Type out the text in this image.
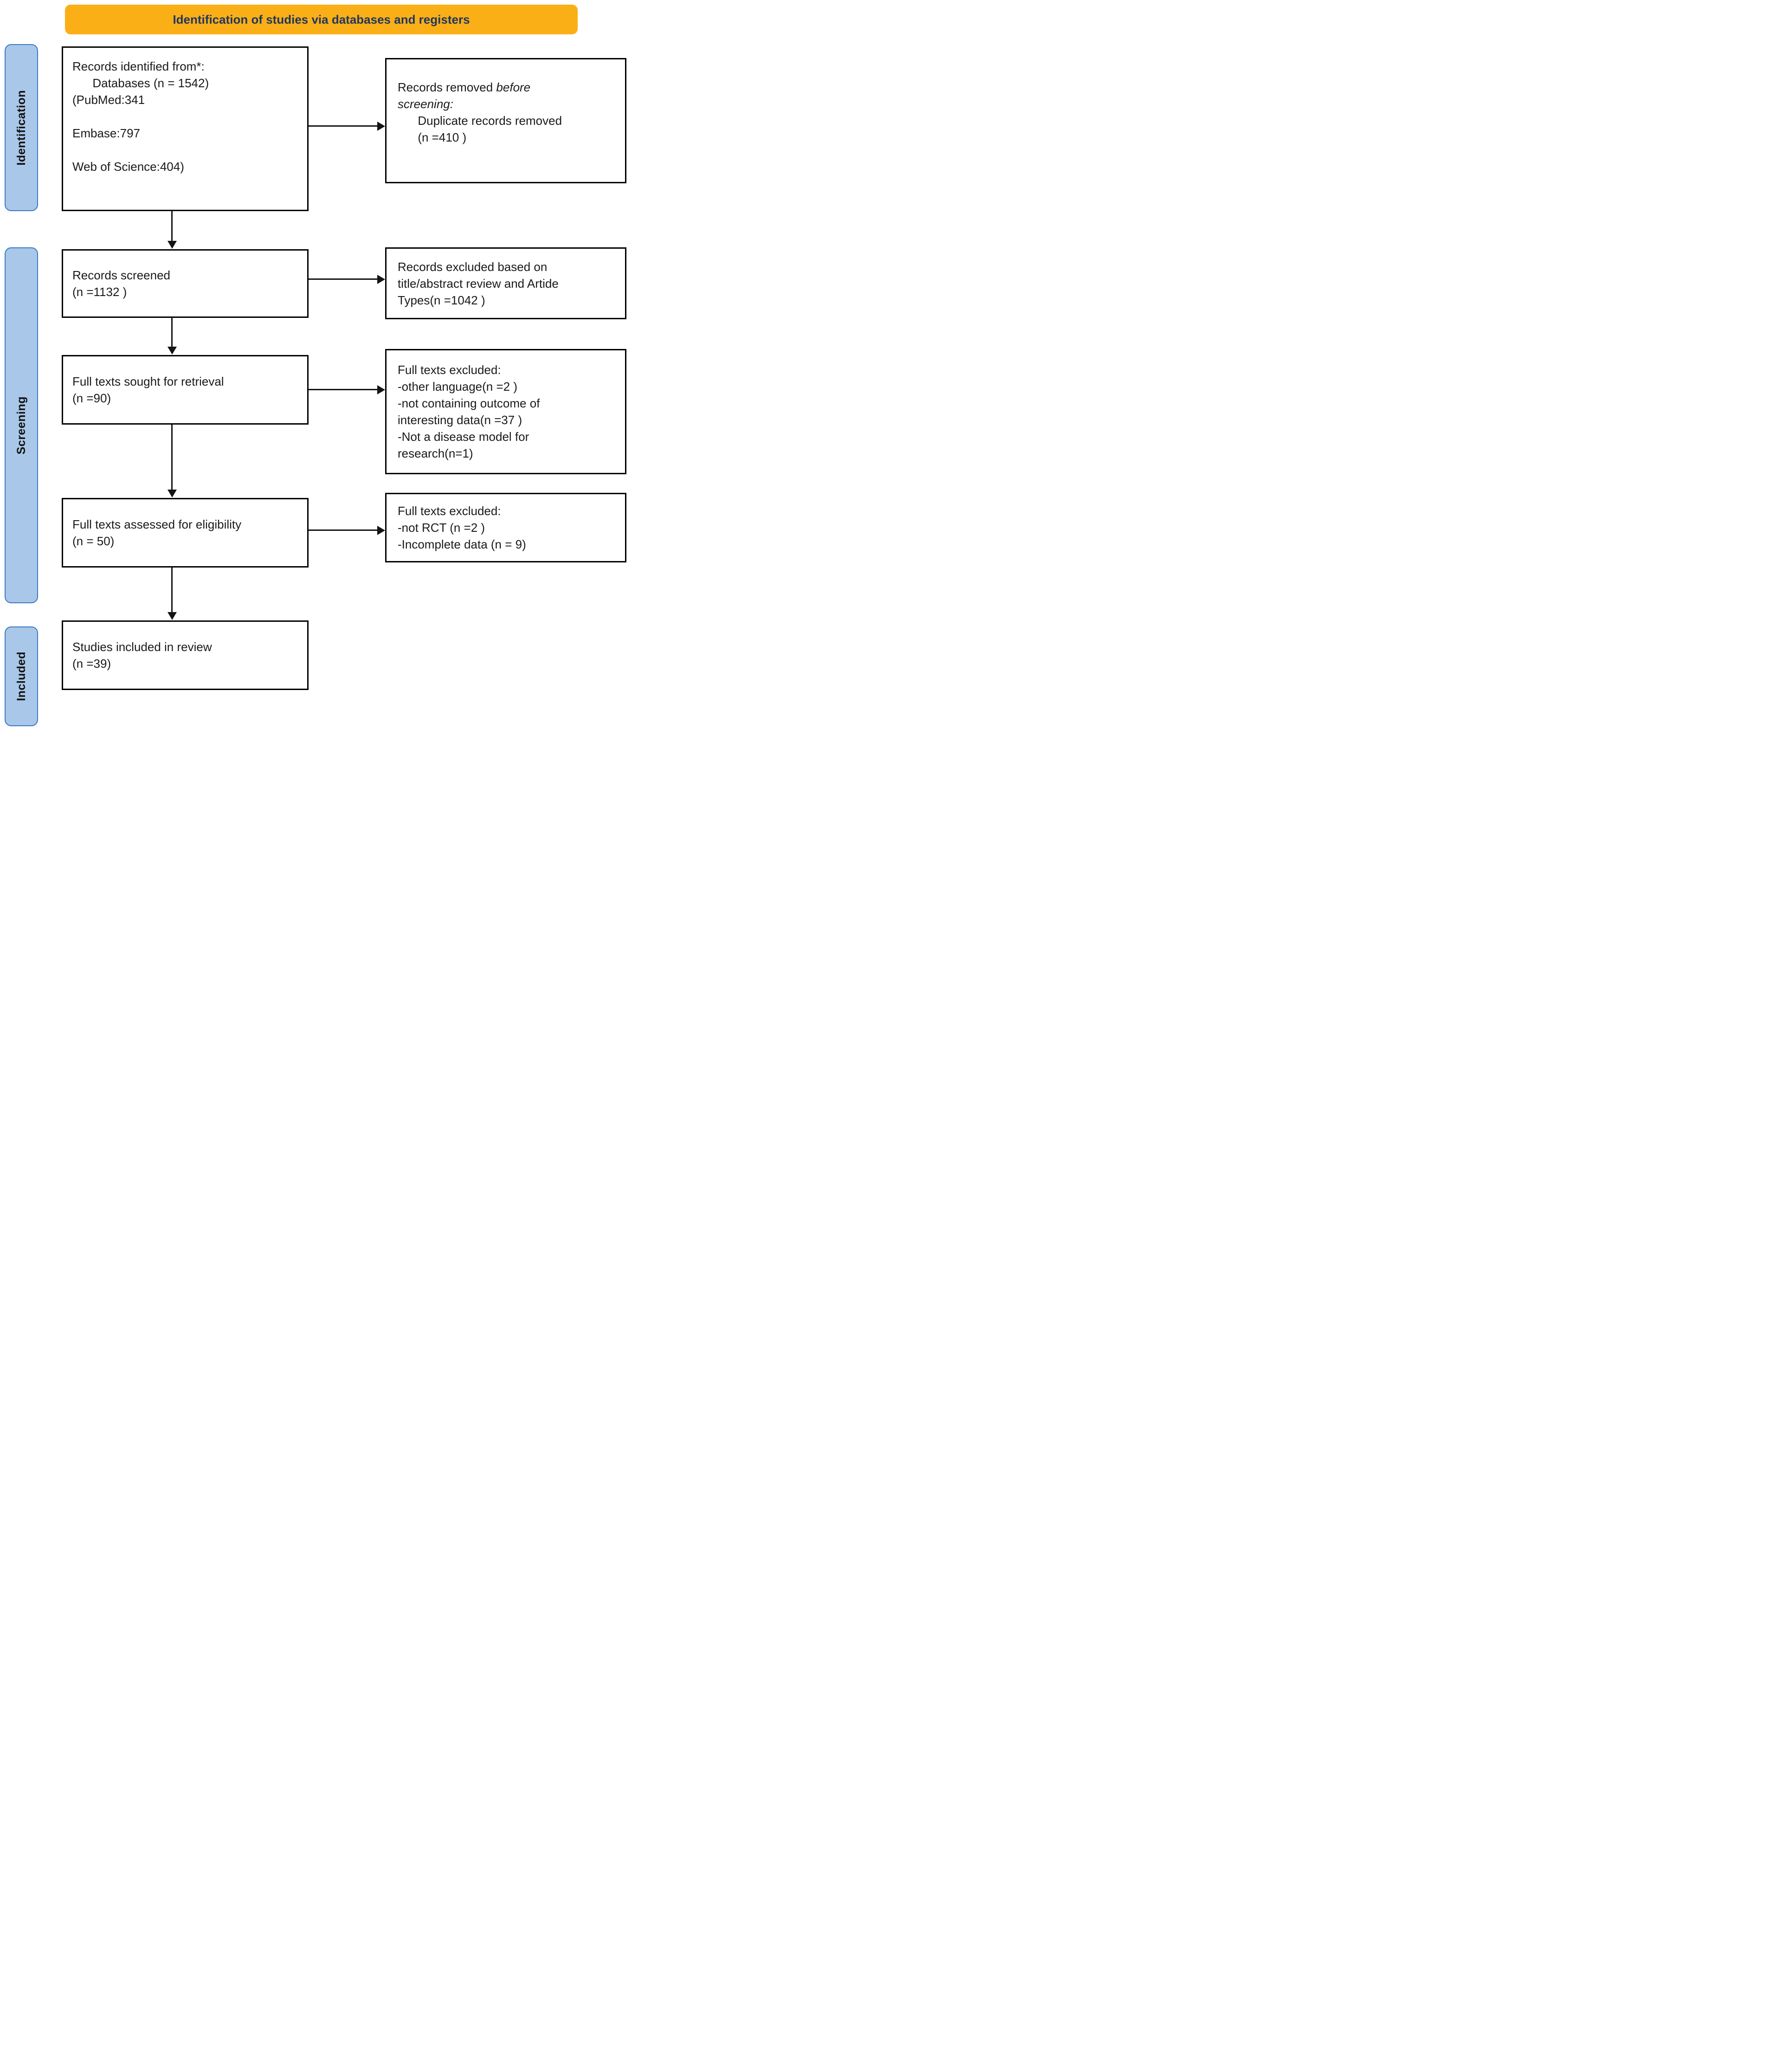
Identification of studies via databases and registers
Identification
Screening
Included
Records identified from*:
Databases (n = 1542)
(PubMed:341
Embase:797
Web of Science:404)
Records removed before
screening:
Duplicate records removed
(n =410 )
Records screened
(n =1132 )
Records excluded based on
title/abstract review and Artide
Types(n =1042 )
Full texts sought for retrieval
(n =90)
Full texts excluded:
-other language(n =2 )
-not containing outcome of
interesting data(n =37 )
-Not a disease model for
research(n=1)
Full texts assessed for eligibility
(n = 50)
Full texts excluded:
-not RCT (n =2 )
-Incomplete data (n = 9)
Studies included in review
(n =39)
